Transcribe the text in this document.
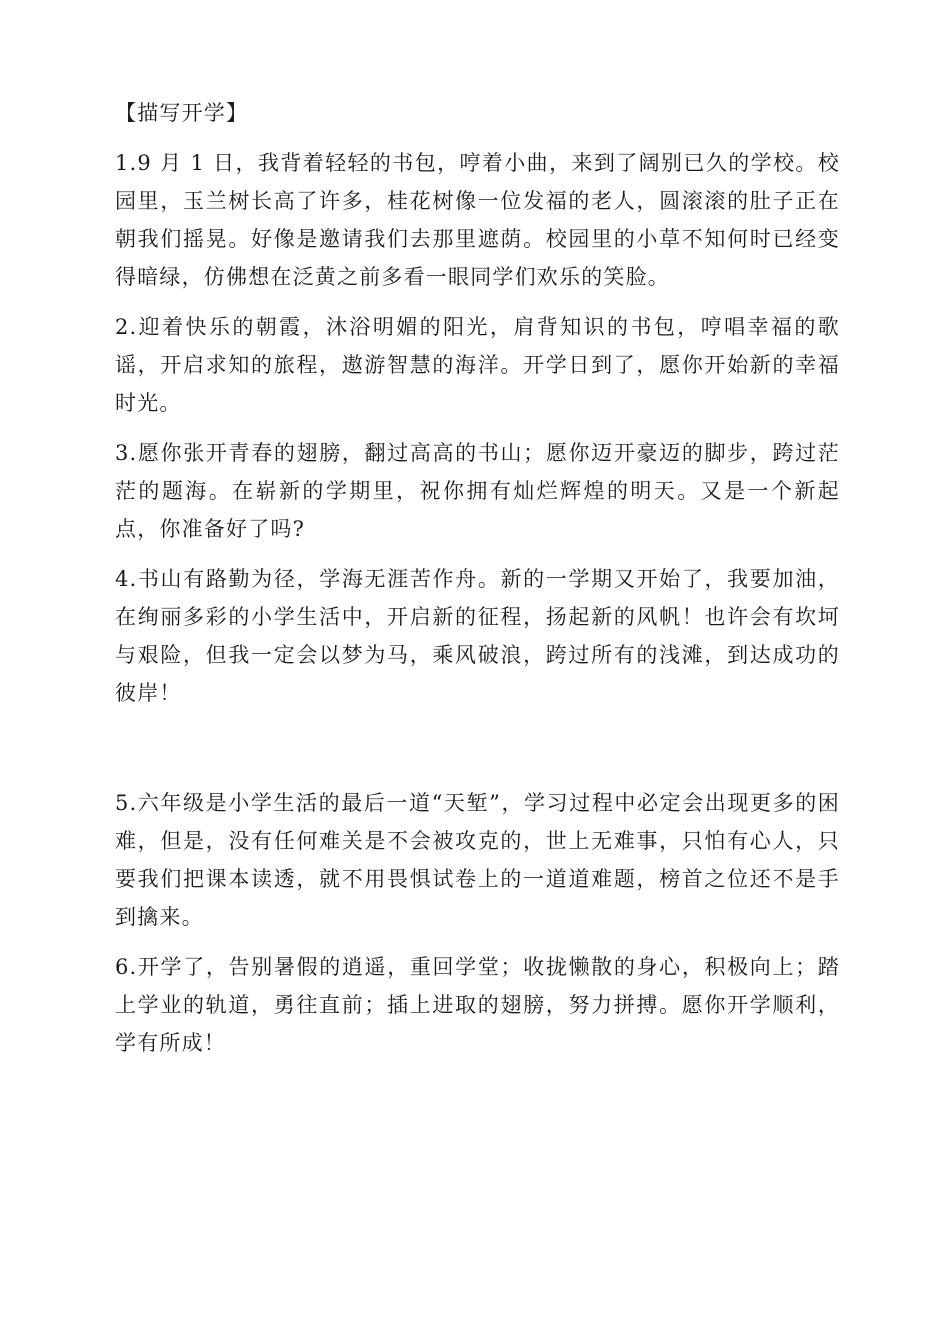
【描写开学】

1.9 月 1 日，我背着轻轻的书包，哼着小曲，来到了阔别已久的学校。校园里，玉兰树长高了许多，桂花树像一位发福的老人，圆滚滚的肚子正在朝我们摇晃。好像是邀请我们去那里遮荫。校园里的小草不知何时已经变得暗绿，仿佛想在泛黄之前多看一眼同学们欢乐的笑脸。

2.迎着快乐的朝霞，沐浴明媚的阳光，肩背知识的书包，哼唱幸福的歌谣，开启求知的旅程，遨游智慧的海洋。开学日到了，愿你开始新的幸福时光。

3.愿你张开青春的翅膀，翻过高高的书山；愿你迈开豪迈的脚步，跨过茫茫的题海。在崭新的学期里，祝你拥有灿烂辉煌的明天。又是一个新起点，你准备好了吗?

4.书山有路勤为径，学海无涯苦作舟。新的一学期又开始了，我要加油，在绚丽多彩的小学生活中，开启新的征程，扬起新的风帆！也许会有坎坷与艰险，但我一定会以梦为马，乘风破浪，跨过所有的浅滩，到达成功的彼岸！

5.六年级是小学生活的最后一道“天堑”，学习过程中必定会出现更多的困难，但是，没有任何难关是不会被攻克的，世上无难事，只怕有心人，只要我们把课本读透，就不用畏惧试卷上的一道道难题，榜首之位还不是手到擒来。

6.开学了，告别暑假的逍遥，重回学堂；收拢懒散的身心，积极向上；踏上学业的轨道，勇往直前；插上进取的翅膀，努力拼搏。愿你开学顺利，学有所成！
